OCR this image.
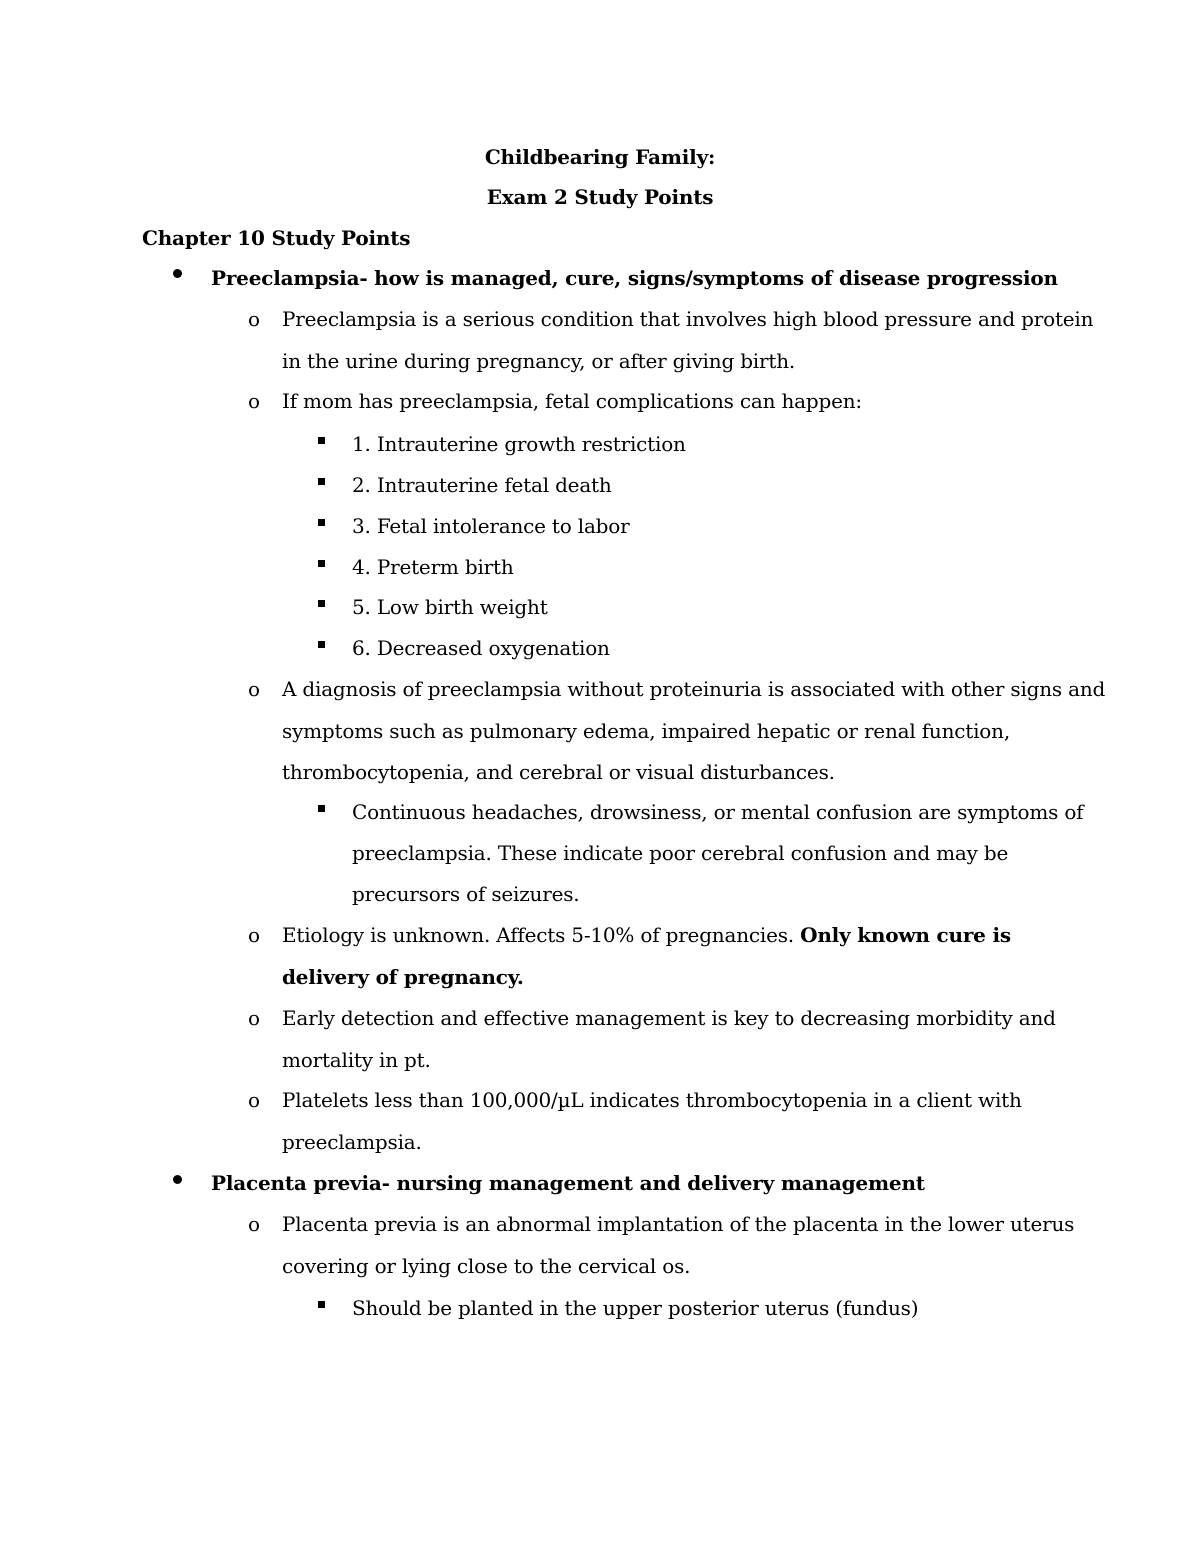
Childbearing Family:
Exam 2 Study Points
Chapter 10 Study Points
Preeclampsia- how is managed, cure, signs/symptoms of disease progression
o Preeclampsia is a serious condition that involves high blood pressure and protein
in the urine during pregnancy, or after giving birth.
o If mom has preeclampsia, fetal complications can happen:
1. Intrauterine growth restriction
2. Intrauterine fetal death
3. Fetal intolerance to labor
4. Preterm birth
5. Low birth weight
6. Decreased oxygenation
o A diagnosis of preeclampsia without proteinuria is associated with other signs and
symptoms such as pulmonary edema, impaired hepatic or renal function,
thrombocytopenia, and cerebral or visual disturbances.
Continuous headaches, drowsiness, or mental confusion are symptoms of
preeclampsia. These indicate poor cerebral confusion and may be
precursors of seizures.
o Etiology is unknown. Affects 5-10% of pregnancies. Only known cure is
delivery of pregnancy.
o Early detection and effective management is key to decreasing morbidity and
mortality in pt.
o Platelets less than 100,000/µL indicates thrombocytopenia in a client with
preeclampsia.
Placenta previa- nursing management and delivery management
o Placenta previa is an abnormal implantation of the placenta in the lower uterus
covering or lying close to the cervical os.
Should be planted in the upper posterior uterus (fundus)
